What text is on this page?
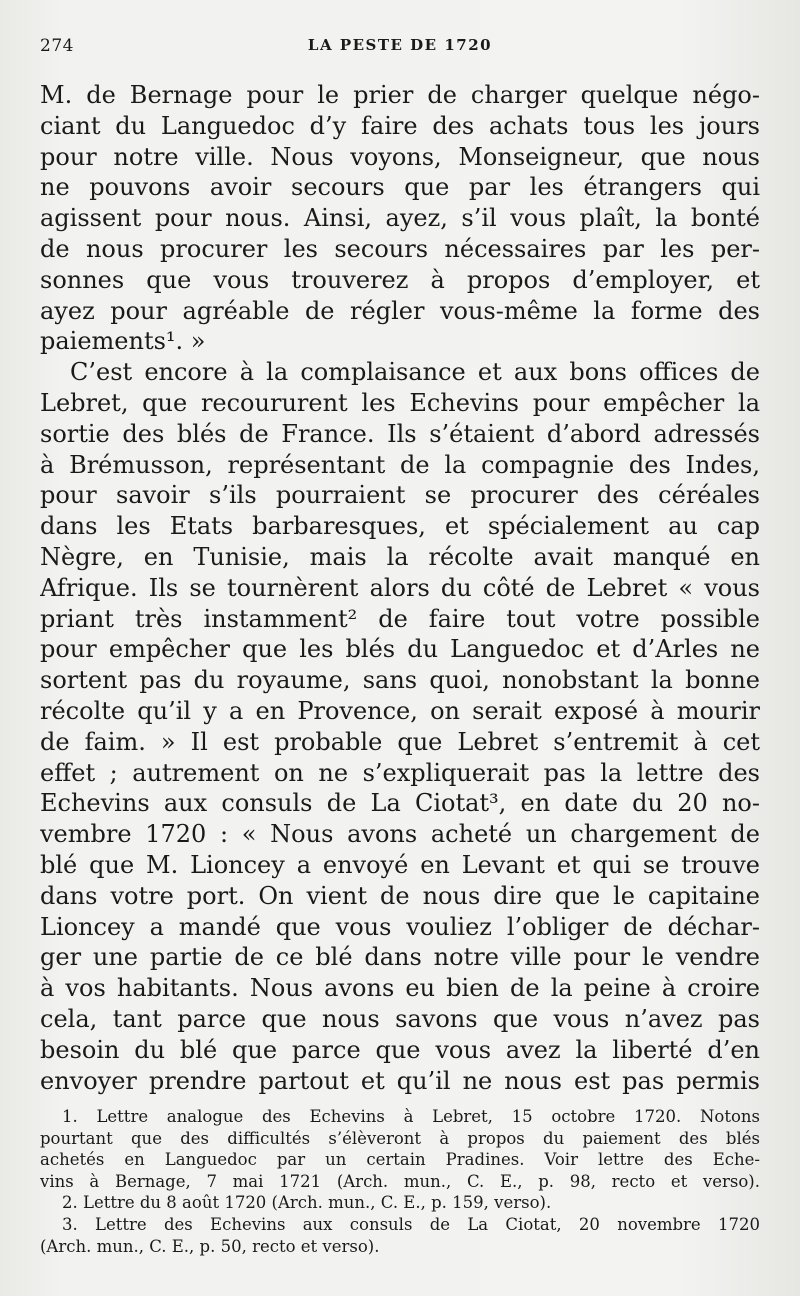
274	LA PESTE DE 1720
M. de Bernage pour le prier de charger quelque négo-
ciant du Languedoc d’y faire des achats tous les jours
pour notre ville. Nous voyons, Monseigneur, que nous
ne pouvons avoir secours que par les étrangers qui
agissent pour nous. Ainsi, ayez, s’il vous plaît, la bonté
de nous procurer les secours nécessaires par les per-
sonnes que vous trouverez à propos d’employer, et
ayez pour agréable de régler vous-même la forme des
paiements¹. »
C’est encore à la complaisance et aux bons offices de
Lebret, que recoururent les Echevins pour empêcher la
sortie des blés de France. Ils s’étaient d’abord adressés
à Brémusson, représentant de la compagnie des Indes,
pour savoir s’ils pourraient se procurer des céréales
dans les Etats barbaresques, et spécialement au cap
Nègre, en Tunisie, mais la récolte avait manqué en
Afrique. Ils se tournèrent alors du côté de Lebret « vous
priant très instamment² de faire tout votre possible
pour empêcher que les blés du Languedoc et d’Arles ne
sortent pas du royaume, sans quoi, nonobstant la bonne
récolte qu’il y a en Provence, on serait exposé à mourir
de faim. » Il est probable que Lebret s’entremit à cet
effet ; autrement on ne s’expliquerait pas la lettre des
Echevins aux consuls de La Ciotat³, en date du 20 no-
vembre 1720 : « Nous avons acheté un chargement de
blé que M. Lioncey a envoyé en Levant et qui se trouve
dans votre port. On vient de nous dire que le capitaine
Lioncey a mandé que vous vouliez l’obliger de déchar-
ger une partie de ce blé dans notre ville pour le vendre
à vos habitants. Nous avons eu bien de la peine à croire
cela, tant parce que nous savons que vous n’avez pas
besoin du blé que parce que vous avez la liberté d’en
envoyer prendre partout et qu’il ne nous est pas permis
1. Lettre analogue des Echevins à Lebret, 15 octobre 1720. Notons
pourtant que des difficultés s’élèveront à propos du paiement des blés
achetés en Languedoc par un certain Pradines. Voir lettre des Eche-
vins à Bernage, 7 mai 1721 (Arch. mun., C. E., p. 98, recto et verso).
2. Lettre du 8 août 1720 (Arch. mun., C. E., p. 159, verso).
3. Lettre des Echevins aux consuls de La Ciotat, 20 novembre 1720
(Arch. mun., C. E., p. 50, recto et verso).
